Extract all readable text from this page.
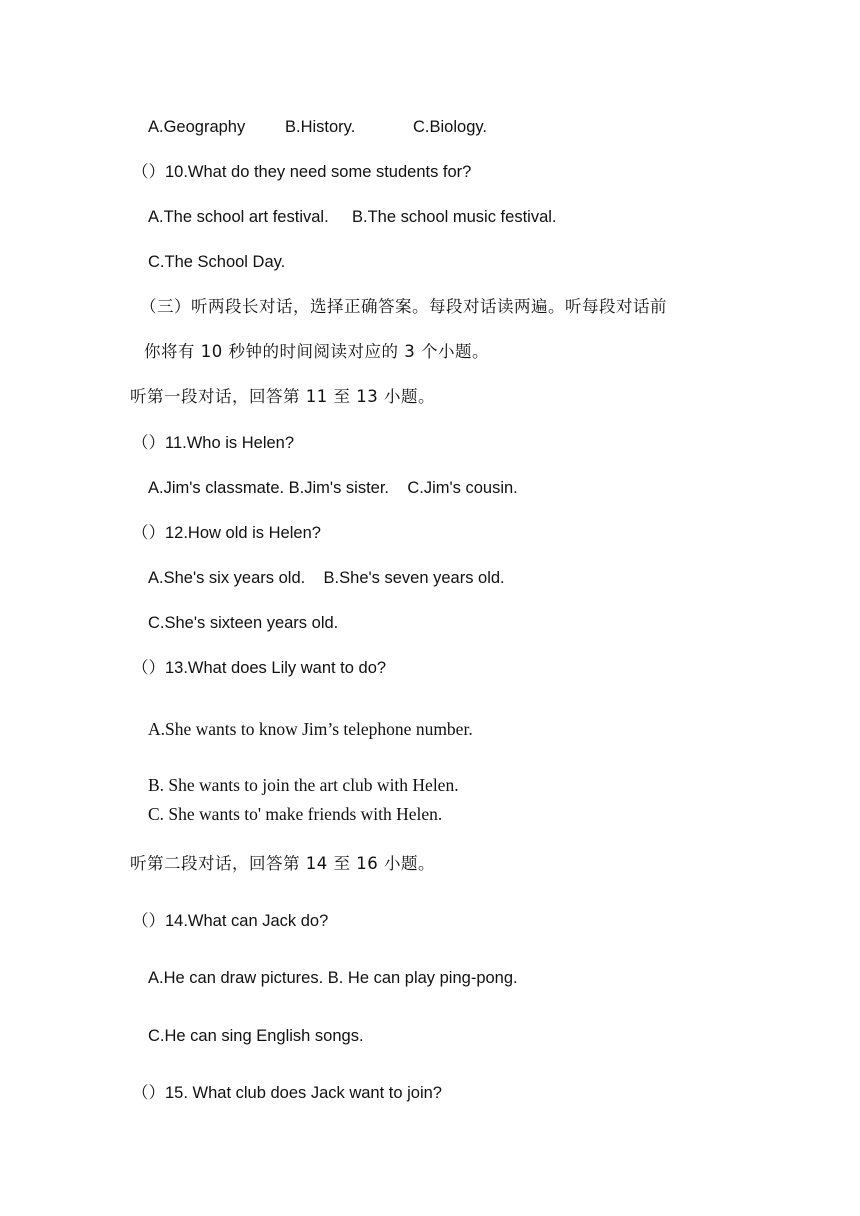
A.Geography B.History.	C.Biology.
（）10.What do they need some students for?
A.The school art festival. B.The school music festival.
C.The School Day.
（三）听两段长对话，选择正确答案。每段对话读两遍。听每段对话前
你将有 10 秒钟的时间阅读对应的 3 个小题。
听第一段对话，回答第 11 至 13 小题。
（）11.Who is Helen?
A.Jim's classmate. B.Jim's sister.    C.Jim's cousin.
（）12.How old is Helen?
A.She's six years old.    B.She's seven years old.
C.She's sixteen years old.
（）13.What does Lily want to do?
A.She wants to know Jim’s telephone number.
B. She wants to join the art club with Helen.
C. She wants to' make friends with Helen.
听第二段对话，回答第 14 至 16 小题。
（）14.What can Jack do?
A.He can draw pictures. B. He can play ping-pong.
C.He can sing English songs.
（）15. What club does Jack want to join?
